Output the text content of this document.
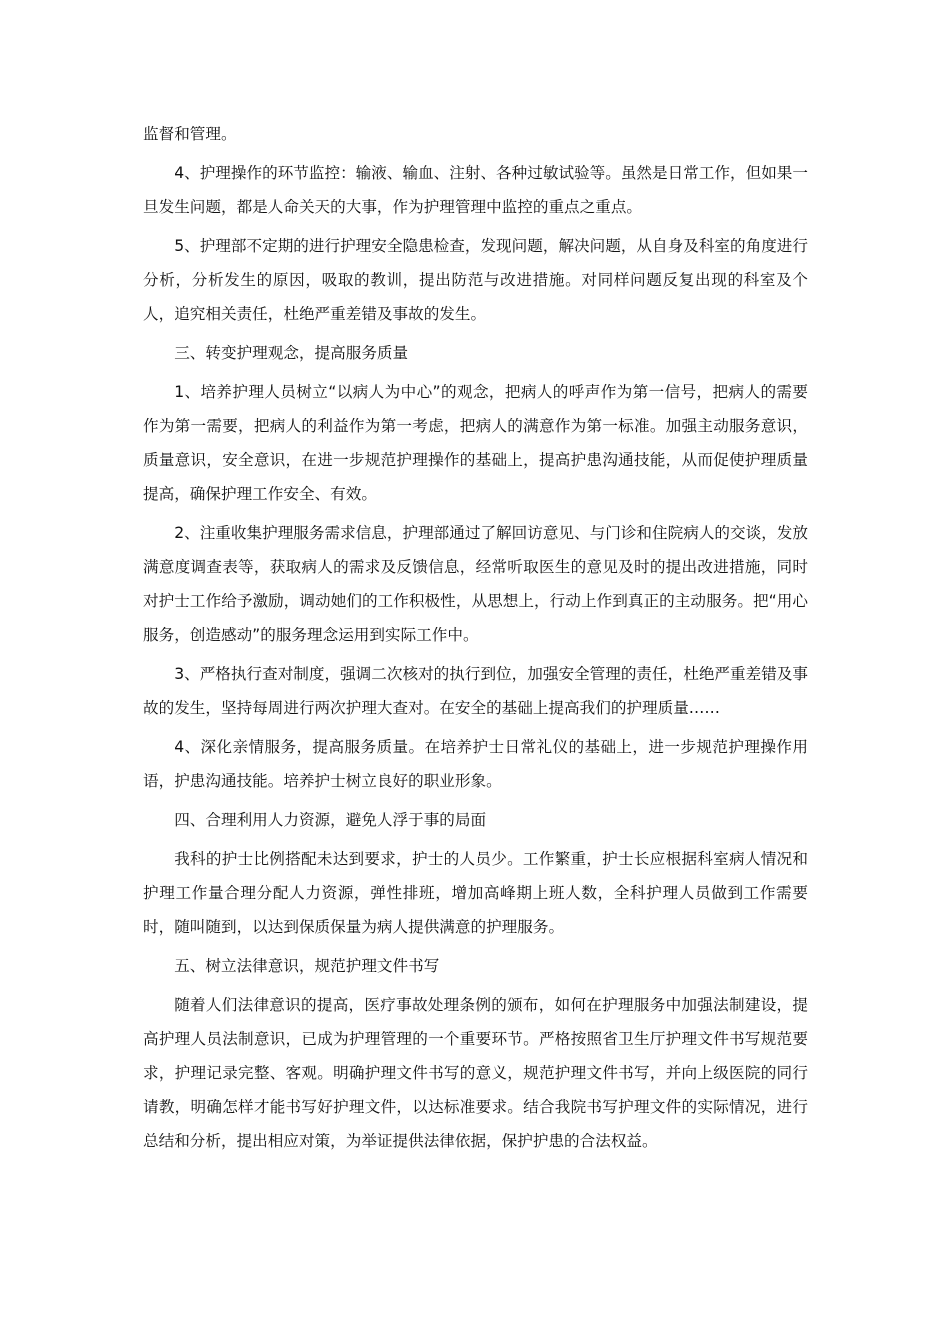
监督和管理。

4、护理操作的环节监控：输液、输血、注射、各种过敏试验等。虽然是日常工作，但如果一旦发生问题，都是人命关天的大事，作为护理管理中监控的重点之重点。

5、护理部不定期的进行护理安全隐患检查，发现问题，解决问题，从自身及科室的角度进行分析，分析发生的原因，吸取的教训，提出防范与改进措施。对同样问题反复出现的科室及个人，追究相关责任，杜绝严重差错及事故的发生。

三、转变护理观念，提高服务质量

1、培养护理人员树立“以病人为中心”的观念，把病人的呼声作为第一信号，把病人的需要作为第一需要，把病人的利益作为第一考虑，把病人的满意作为第一标准。加强主动服务意识，质量意识，安全意识，在进一步规范护理操作的基础上，提高护患沟通技能，从而促使护理质量提高，确保护理工作安全、有效。

2、注重收集护理服务需求信息，护理部通过了解回访意见、与门诊和住院病人的交谈，发放满意度调查表等，获取病人的需求及反馈信息，经常听取医生的意见及时的提出改进措施，同时对护士工作给予激励，调动她们的工作积极性，从思想上，行动上作到真正的主动服务。把“用心服务，创造感动”的服务理念运用到实际工作中。

3、严格执行查对制度，强调二次核对的执行到位，加强安全管理的责任，杜绝严重差错及事故的发生，坚持每周进行两次护理大查对。在安全的基础上提高我们的护理质量……

4、深化亲情服务，提高服务质量。在培养护士日常礼仪的基础上，进一步规范护理操作用语，护患沟通技能。培养护士树立良好的职业形象。

四、合理利用人力资源，避免人浮于事的局面

我科的护士比例搭配未达到要求，护士的人员少。工作繁重，护士长应根据科室病人情况和护理工作量合理分配人力资源，弹性排班，增加高峰期上班人数，全科护理人员做到工作需要时，随叫随到，以达到保质保量为病人提供满意的护理服务。

五、树立法律意识，规范护理文件书写

随着人们法律意识的提高，医疗事故处理条例的颁布，如何在护理服务中加强法制建设，提高护理人员法制意识，已成为护理管理的一个重要环节。严格按照省卫生厅护理文件书写规范要求，护理记录完整、客观。明确护理文件书写的意义，规范护理文件书写，并向上级医院的同行请教，明确怎样才能书写好护理文件，以达标准要求。结合我院书写护理文件的实际情况，进行总结和分析，提出相应对策，为举证提供法律依据，保护护患的合法权益。
